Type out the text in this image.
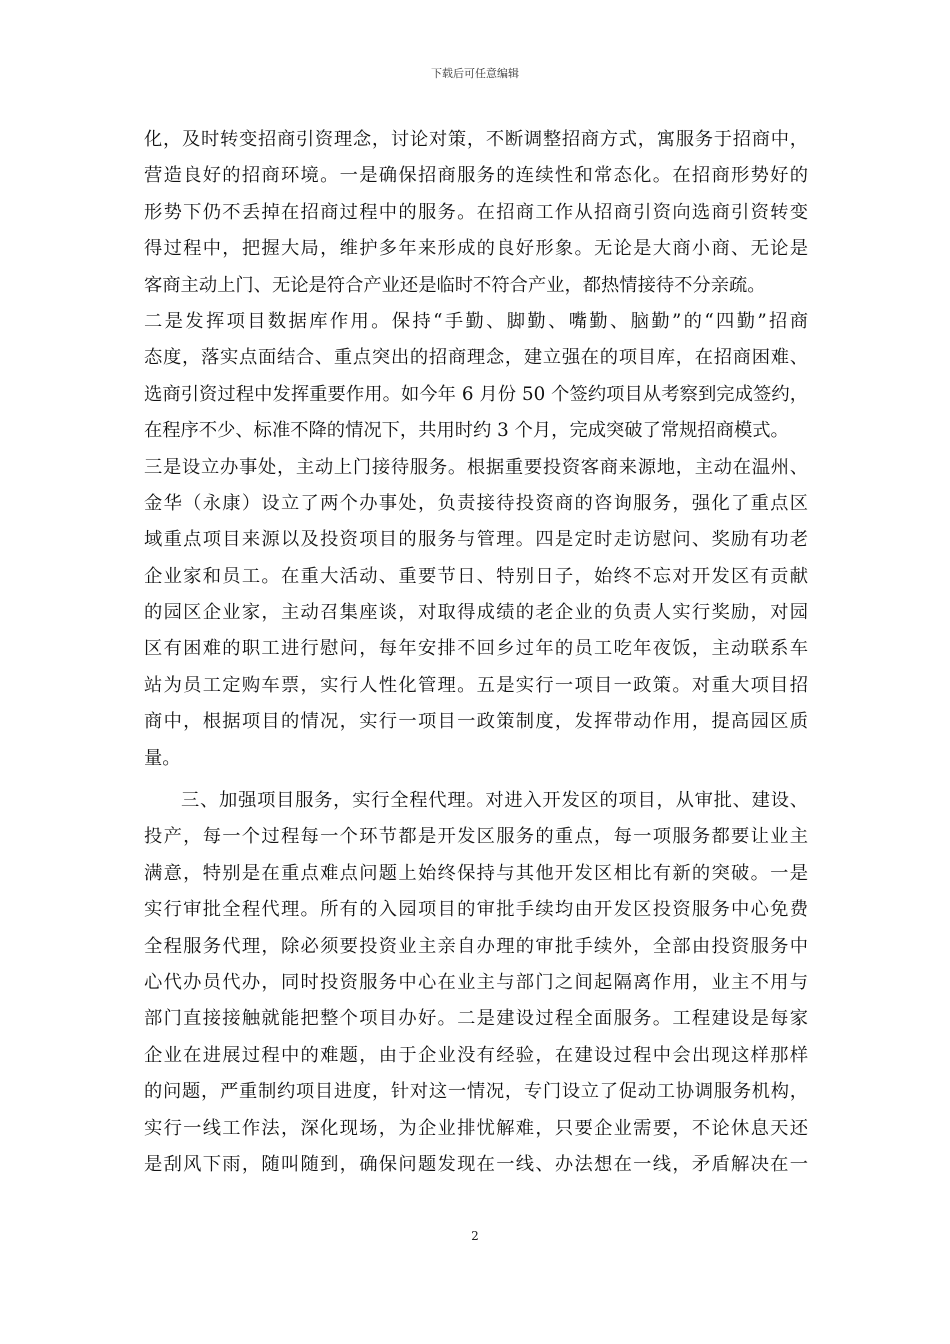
下载后可任意编辑
化，及时转变招商引资理念，讨论对策，不断调整招商方式，寓服务于招商中，
营造良好的招商环境。一是确保招商服务的连续性和常态化。在招商形势好的
形势下仍不丢掉在招商过程中的服务。在招商工作从招商引资向选商引资转变
得过程中，把握大局，维护多年来形成的良好形象。无论是大商小商、无论是
客商主动上门、无论是符合产业还是临时不符合产业，都热情接待不分亲疏。
二是发挥项目数据库作用。保持“手勤、脚勤、嘴勤、脑勤”的“四勤”招商
态度，落实点面结合、重点突出的招商理念，建立强在的项目库，在招商困难、
选商引资过程中发挥重要作用。如今年 6 月份 50 个签约项目从考察到完成签约，
在程序不少、标准不降的情况下，共用时约 3 个月，完成突破了常规招商模式。
三是设立办事处，主动上门接待服务。根据重要投资客商来源地，主动在温州、
金华（永康）设立了两个办事处，负责接待投资商的咨询服务，强化了重点区
域重点项目来源以及投资项目的服务与管理。四是定时走访慰问、奖励有功老
企业家和员工。在重大活动、重要节日、特别日子，始终不忘对开发区有贡献
的园区企业家，主动召集座谈，对取得成绩的老企业的负责人实行奖励，对园
区有困难的职工进行慰问，每年安排不回乡过年的员工吃年夜饭，主动联系车
站为员工定购车票，实行人性化管理。五是实行一项目一政策。对重大项目招
商中，根据项目的情况，实行一项目一政策制度，发挥带动作用，提高园区质
量。
三、加强项目服务，实行全程代理。对进入开发区的项目，从审批、建设、
投产，每一个过程每一个环节都是开发区服务的重点，每一项服务都要让业主
满意，特别是在重点难点问题上始终保持与其他开发区相比有新的突破。一是
实行审批全程代理。所有的入园项目的审批手续均由开发区投资服务中心免费
全程服务代理，除必须要投资业主亲自办理的审批手续外，全部由投资服务中
心代办员代办，同时投资服务中心在业主与部门之间起隔离作用，业主不用与
部门直接接触就能把整个项目办好。二是建设过程全面服务。工程建设是每家
企业在进展过程中的难题，由于企业没有经验，在建设过程中会出现这样那样
的问题，严重制约项目进度，针对这一情况，专门设立了促动工协调服务机构，
实行一线工作法，深化现场，为企业排忧解难，只要企业需要，不论休息天还
是刮风下雨，随叫随到，确保问题发现在一线、办法想在一线，矛盾解决在一
2
